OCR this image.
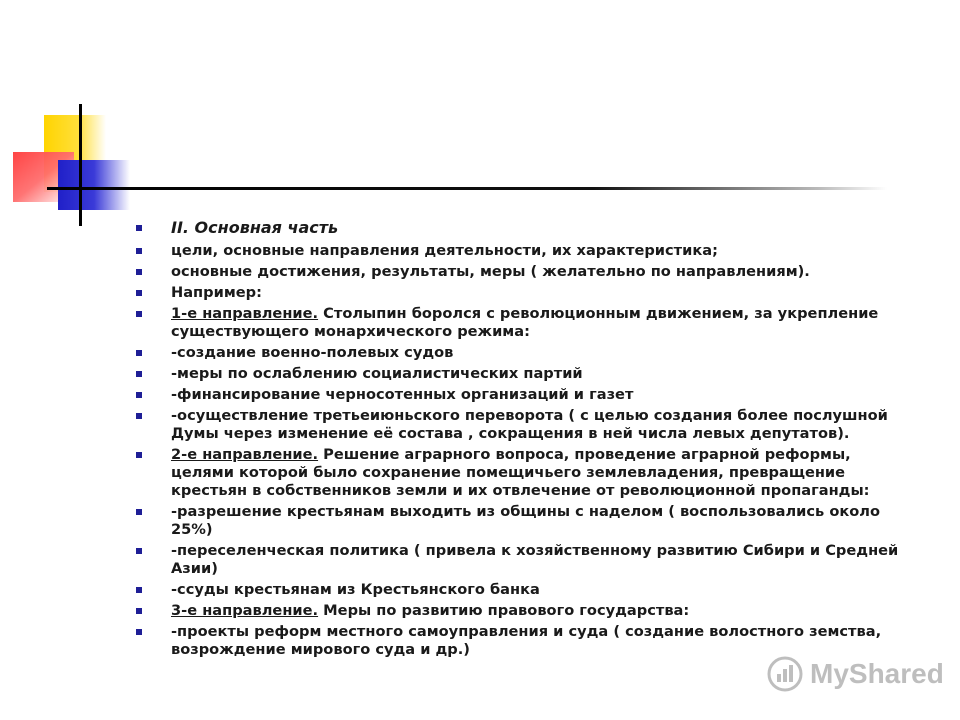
II. Основная часть
цели, основные направления деятельности, их характеристика;
основные достижения, результаты, меры ( желательно по направлениям).
Например:
1-е направление. Столыпин боролся с революционным движением, за укрепление существующего монархического режима:
-создание военно-полевых судов
-меры по ослаблению социалистических партий
-финансирование черносотенных организаций и газет
-осуществление третьеиюньского переворота ( с целью создания более послушной Думы через изменение её состава , сокращения в ней числа левых депутатов).
2-е направление. Решение аграрного вопроса, проведение аграрной реформы, целями которой было сохранение помещичьего землевладения, превращение крестьян в собственников земли и их отвлечение от революционной пропаганды:
-разрешение крестьянам выходить из общины с наделом ( воспользовались около 25%)
-переселенческая политика ( привела к хозяйственному развитию Сибири и Средней Азии)
-ссуды крестьянам из Крестьянского банка
3-е направление. Меры по развитию правового государства:
-проекты реформ местного самоуправления и суда ( создание волостного земства, возрождение мирового суда и др.)
MyShared
